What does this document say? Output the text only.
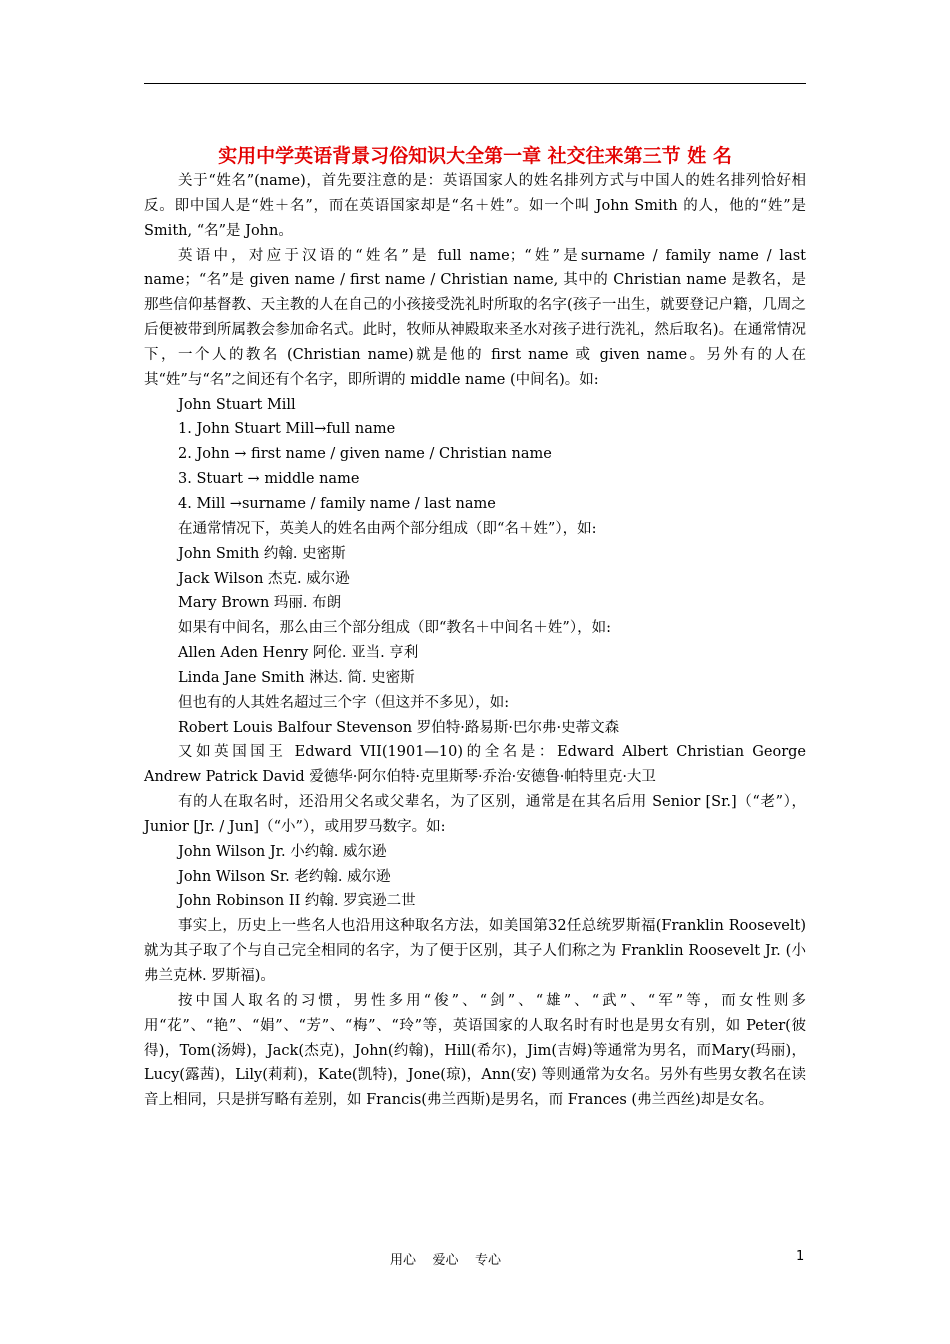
实用中学英语背景习俗知识大全第一章 社交往来第三节 姓 名

关于“姓名”(name)，首先要注意的是：英语国家人的姓名排列方式与中国人的姓名排列恰好相反。即中国人是“姓＋名”，而在英语国家却是“名＋姓”。如一个叫 John Smith 的人，他的“姓”是 Smith, “名”是 John。

英语中，对应于汉语的“姓名”是 full name；“姓”是surname / family name / last name；“名”是 given name / first name / Christian name, 其中的 Christian name 是教名，是那些信仰基督教、天主教的人在自己的小孩接受洗礼时所取的名字(孩子一出生，就要登记户籍，几周之后便被带到所属教会参加命名式。此时，牧师从神殿取来圣水对孩子进行洗礼，然后取名)。在通常情况下，一个人的教名 (Christian name)就是他的 first name 或 given name。另外有的人在其“姓”与“名”之间还有个名字，即所谓的 middle name (中间名)。如:

John Stuart Mill

1. John Stuart Mill→full name

2. John → first name / given name / Christian name

3. Stuart → middle name

4. Mill →surname / family name / last name

在通常情况下，英美人的姓名由两个部分组成（即“名＋姓”），如:

John Smith 约翰. 史密斯

Jack Wilson 杰克. 威尔逊

Mary Brown 玛丽. 布朗

如果有中间名，那么由三个部分组成（即“教名＋中间名＋姓”），如:

Allen Aden Henry 阿伦. 亚当. 亨利

Linda Jane Smith 淋达. 简. 史密斯

但也有的人其姓名超过三个字（但这并不多见），如:

Robert Louis Balfour Stevenson 罗伯特·路易斯·巴尔弗·史蒂文森

又如英国国王 Edward VII(1901—10)的全名是：Edward Albert Christian George Andrew Patrick David 爱德华·阿尔伯特·克里斯琴·乔治·安德鲁·帕特里克·大卫

有的人在取名时，还沿用父名或父辈名，为了区别，通常是在其名后用 Senior [Sr.]（“老”），Junior [Jr. / Jun]（“小”），或用罗马数字。如:

John Wilson Jr. 小约翰. 威尔逊

John Wilson Sr. 老约翰. 威尔逊

John Robinson II 约翰. 罗宾逊二世

事实上，历史上一些名人也沿用这种取名方法，如美国第32任总统罗斯福(Franklin Roosevelt)就为其子取了个与自己完全相同的名字，为了便于区别，其子人们称之为 Franklin Roosevelt Jr. (小弗兰克林. 罗斯福)。

按中国人取名的习惯，男性多用“俊”、“剑”、“雄”、“武”、“军”等，而女性则多用“花”、“艳”、“娟”、“芳”、“梅”、“玲”等，英语国家的人取名时有时也是男女有别，如 Peter(彼得)，Tom(汤姆)，Jack(杰克)，John(约翰)，Hill(希尔)，Jim(吉姆)等通常为男名，而Mary(玛丽)，Lucy(露茜)，Lily(莉莉)，Kate(凯特)，Jone(琼)，Ann(安) 等则通常为女名。另外有些男女教名在读音上相同，只是拼写略有差别，如 Francis(弗兰西斯)是男名，而 Frances (弗兰西丝)却是女名。

用心    爱心    专心	1
